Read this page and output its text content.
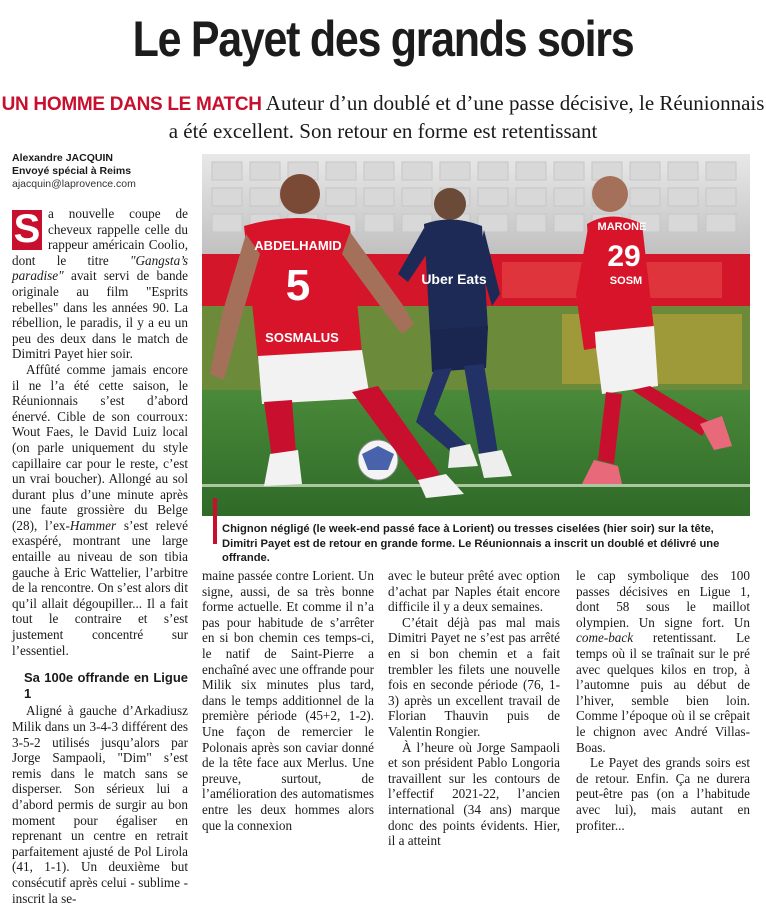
Le Payet des grands soirs
UN HOMME DANS LE MATCH Auteur d’un doublé et d’une passe décisive, le Réunionnais a été excellent. Son retour en forme est retentissant
Alexandre JACQUIN
Envoyé spécial à Reims
ajacquin@laprovence.com
ABDELHAMID
5
SOSMALUS
Uber Eats
MARONE
29
SOSM
Chignon négligé (le week-end passé face à Lorient) ou tresses ciselées (hier soir) sur la tête, Dimitri Payet est de retour en grande forme. Le Réunionnais a inscrit un doublé et délivré une offrande.

S a nouvelle coupe de cheveux rappelle celle du rappeur américain Coolio, dont le titre "Gangsta’s paradise" avait servi de bande originale au film "Esprits rebelles" dans les années 90. La rébellion, le paradis, il y a eu un peu des deux dans le match de Dimitri Payet hier soir.

Affûté comme jamais encore il ne l’a été cette saison, le Réunionnais s’est d’abord énervé. Cible de son courroux: Wout Faes, le David Luiz local (on parle uniquement du style capillaire car pour le reste, c’est un vrai boucher). Allongé au sol durant plus d’une minute après une faute grossière du Belge (28), l’ex-Hammer s’est relevé exaspéré, montrant une large entaille au niveau de son tibia gauche à Eric Wattelier, l’arbitre de la rencontre. On s’est alors dit qu’il allait dégoupiller... Il a fait tout le contraire et s’est justement concentré sur l’essentiel.

Sa 100e offrande en Ligue 1

Aligné à gauche d’Arkadiusz Milik dans un 3-4-3 différent des 3-5-2 utilisés jusqu’alors par Jorge Sampaoli, "Dim" s’est remis dans le match sans se disperser. Son sérieux lui a d’abord permis de surgir au bon moment pour égaliser en reprenant un centre en retrait parfaitement ajusté de Pol Lirola (41, 1-1). Un deuxième but consécutif après celui - sublime - inscrit la se-

maine passée contre Lorient. Un signe, aussi, de sa très bonne forme actuelle. Et comme il n’a pas pour habitude de s’arrêter en si bon chemin ces temps-ci, le natif de Saint-Pierre a enchaîné avec une offrande pour Milik six minutes plus tard, dans le temps additionnel de la première période (45+2, 1-2). Une façon de remercier le Polonais après son caviar donné de la tête face aux Merlus. Une preuve, surtout, de l’amélioration des automatismes entre les deux hommes alors que la connexion

avec le buteur prêté avec option d’achat par Naples était encore difficile il y a deux semaines.

C’était déjà pas mal mais Dimitri Payet ne s’est pas arrêté en si bon chemin et a fait trembler les filets une nouvelle fois en seconde période (76, 1-3) après un excellent travail de Florian Thauvin puis de Valentin Rongier.

À l’heure où Jorge Sampaoli et son président Pablo Longoria travaillent sur les contours de l’effectif 2021-22, l’ancien international (34 ans) marque donc des points évidents. Hier, il a atteint

le cap symbolique des 100 passes décisives en Ligue 1, dont 58 sous le maillot olympien. Un signe fort. Un come-back retentissant. Le temps où il se traînait sur le pré avec quelques kilos en trop, à l’automne puis au début de l’hiver, semble bien loin. Comme l’époque où il se crêpait le chignon avec André Villas-Boas.

Le Payet des grands soirs est de retour. Enfin. Ça ne durera peut-être pas (on a l’habitude avec lui), mais autant en profiter...
